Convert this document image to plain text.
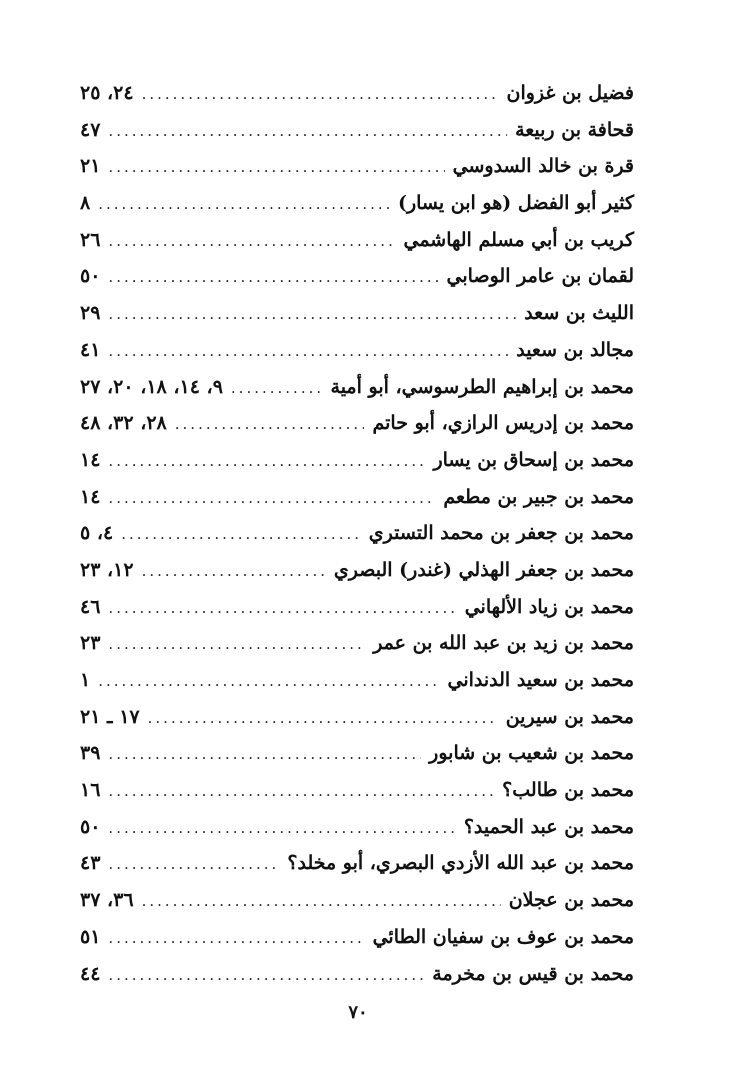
فضيل بن غزوان
.....
٢٤، ٢٥
قحافة بن ربيعة
.....
٤٧
قرة بن خالد السدوسي
.....
٢١
كثير أبو الفضل (هو ابن يسار)
.....
٨
كريب بن أبي مسلم الهاشمي
.....
٢٦
لقمان بن عامر الوصابي
.....
٥٠
الليث بن سعد
.....
٢٩
مجالد بن سعيد
.....
٤١
محمد بن إبراهيم الطرسوسي، أبو أمية
.....
٩، ١٤، ١٨، ٢٠، ٢٧
محمد بن إدريس الرازي، أبو حاتم
.....
٢٨، ٣٢، ٤٨
محمد بن إسحاق بن يسار
.....
١٤
محمد بن جبير بن مطعم
.....
١٤
محمد بن جعفر بن محمد التستري
.....
٤، ٥
محمد بن جعفر الهذلي (غندر) البصري
.....
١٢، ٢٣
محمد بن زياد الألهاني
.....
٤٦
محمد بن زيد بن عبد الله بن عمر
.....
٢٣
محمد بن سعيد الدنداني
.....
١
محمد بن سيرين
.....
١٧ ـ ٢١
محمد بن شعيب بن شابور
.....
٣٩
محمد بن طالب؟
.....
١٦
محمد بن عبد الحميد؟
.....
٥٠
محمد بن عبد الله الأزدي البصري، أبو مخلد؟
.....
٤٣
محمد بن عجلان
.....
٣٦، ٣٧
محمد بن عوف بن سفيان الطائي
.....
٥١
محمد بن قيس بن مخرمة
.....
٤٤
٧٠
